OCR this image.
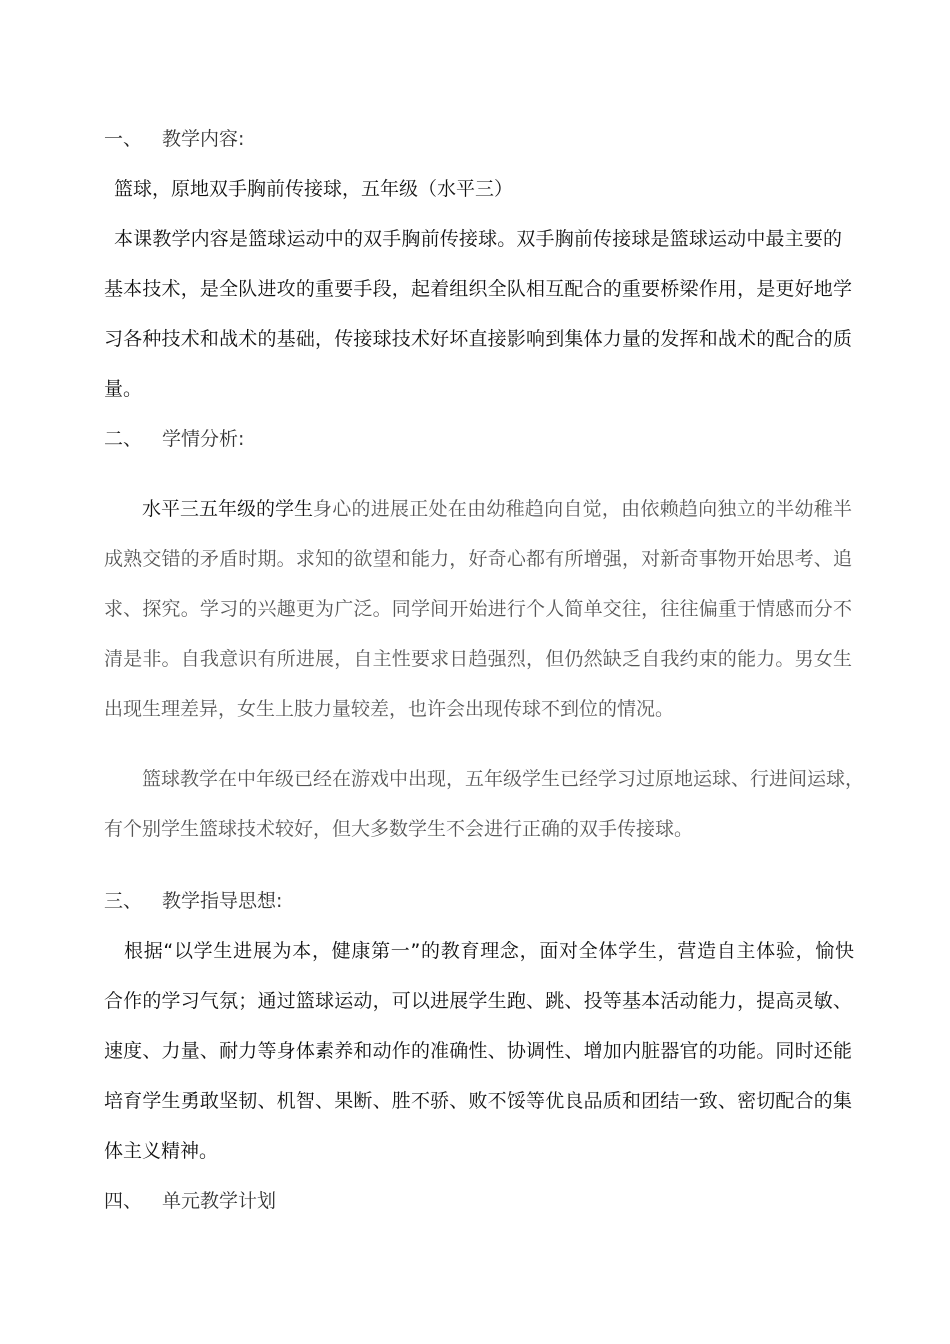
一、 教学内容:
篮球，原地双手胸前传接球，五年级（水平三）
本课教学内容是篮球运动中的双手胸前传接球。双手胸前传接球是篮球运动中最主要的
基本技术，是全队进攻的重要手段，起着组织全队相互配合的重要桥梁作用，是更好地学
习各种技术和战术的基础，传接球技术好坏直接影响到集体力量的发挥和战术的配合的质
量。
二、 学情分析:
水平三五年级的学生 身心的进展正处在由幼稚趋向自觉，由依赖趋向独立的半幼稚半
成熟交错的矛盾时期。求知的欲望和能力，好奇心都有所增强，对新奇事物开始思考、追
求、探究。学习的兴趣更为广泛。同学间开始进行个人简单交往，往往偏重于情感而分不
清是非。自我意识有所进展，自主性要求日趋强烈，但仍然缺乏自我约束的能力。男女生
出现生理差异，女生上肢力量较差，也许会出现传球不到位的情况。
篮球教学在中年级已经在游戏中出现，五年级学生已经学习过原地运球、行进间运球，
有个别学生篮球技术较好，但大多数学生不会进行正确的双手传接球。
三、 教学指导思想:
根据“以学生进展为本，健康第一”的教育理念，面对全体学生，营造自主体验，愉快
合作的学习气氛；通过篮球运动，可以进展学生跑、跳、投等基本活动能力，提高灵敏、
速度、力量、耐力等身体素养和动作的准确性、协调性、增加内脏器官的功能。同时还能
培育学生勇敢坚韧、机智、果断、胜不骄、败不馁等优良品质和团结一致、密切配合的集
体主义精神。
四、 单元教学计划
